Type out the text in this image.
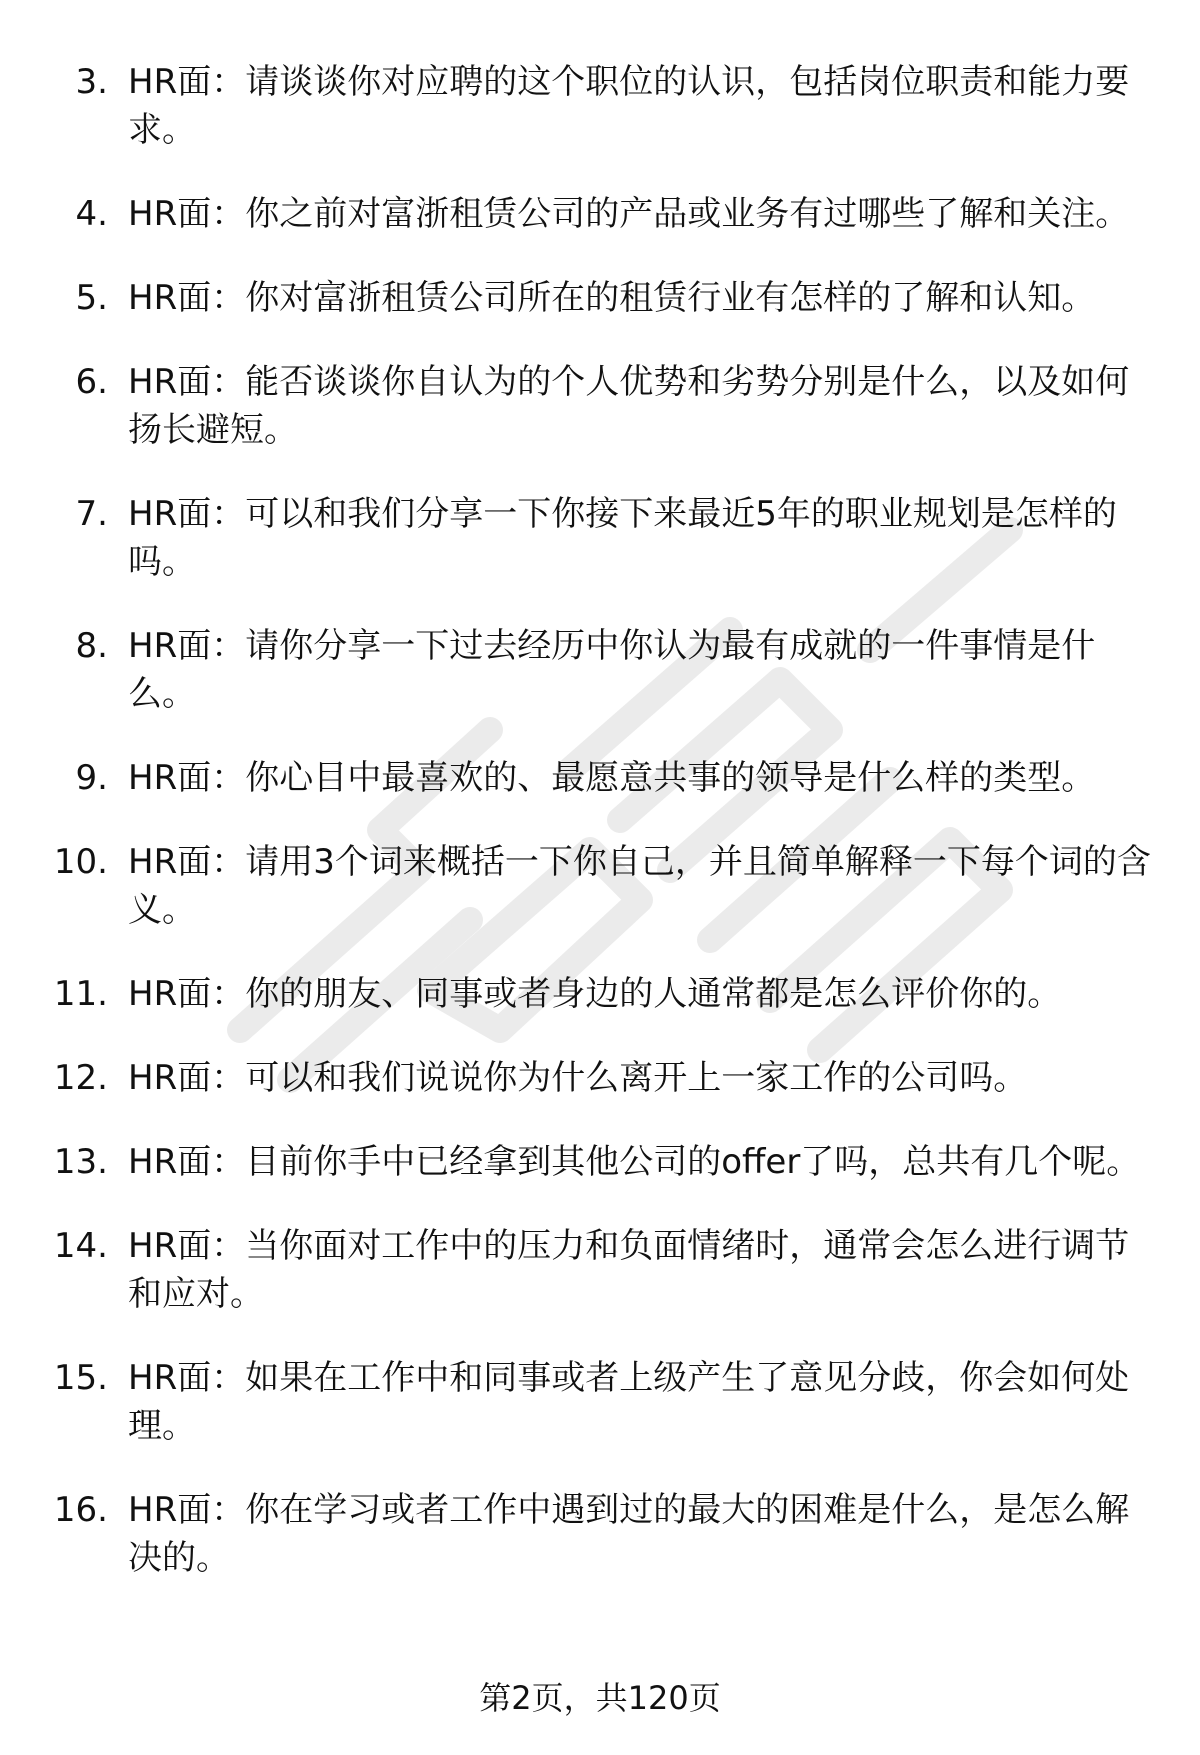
3. HR面：请谈谈你对应聘的这个职位的认识，包括岗位职责和能力要求。
4. HR面：你之前对富浙租赁公司的产品或业务有过哪些了解和关注。
5. HR面：你对富浙租赁公司所在的租赁行业有怎样的了解和认知。
6. HR面：能否谈谈你自认为的个人优势和劣势分别是什么，以及如何扬长避短。
7. HR面：可以和我们分享一下你接下来最近5年的职业规划是怎样的吗。
8. HR面：请你分享一下过去经历中你认为最有成就的一件事情是什么。
9. HR面：你心目中最喜欢的、最愿意共事的领导是什么样的类型。
10. HR面：请用3个词来概括一下你自己，并且简单解释一下每个词的含义。
11. HR面：你的朋友、同事或者身边的人通常都是怎么评价你的。
12. HR面：可以和我们说说你为什么离开上一家工作的公司吗。
13. HR面：目前你手中已经拿到其他公司的offer了吗，总共有几个呢。
14. HR面：当你面对工作中的压力和负面情绪时，通常会怎么进行调节和应对。
15. HR面：如果在工作中和同事或者上级产生了意见分歧，你会如何处理。
16. HR面：你在学习或者工作中遇到过的最大的困难是什么，是怎么解决的。
第2页，共120页
